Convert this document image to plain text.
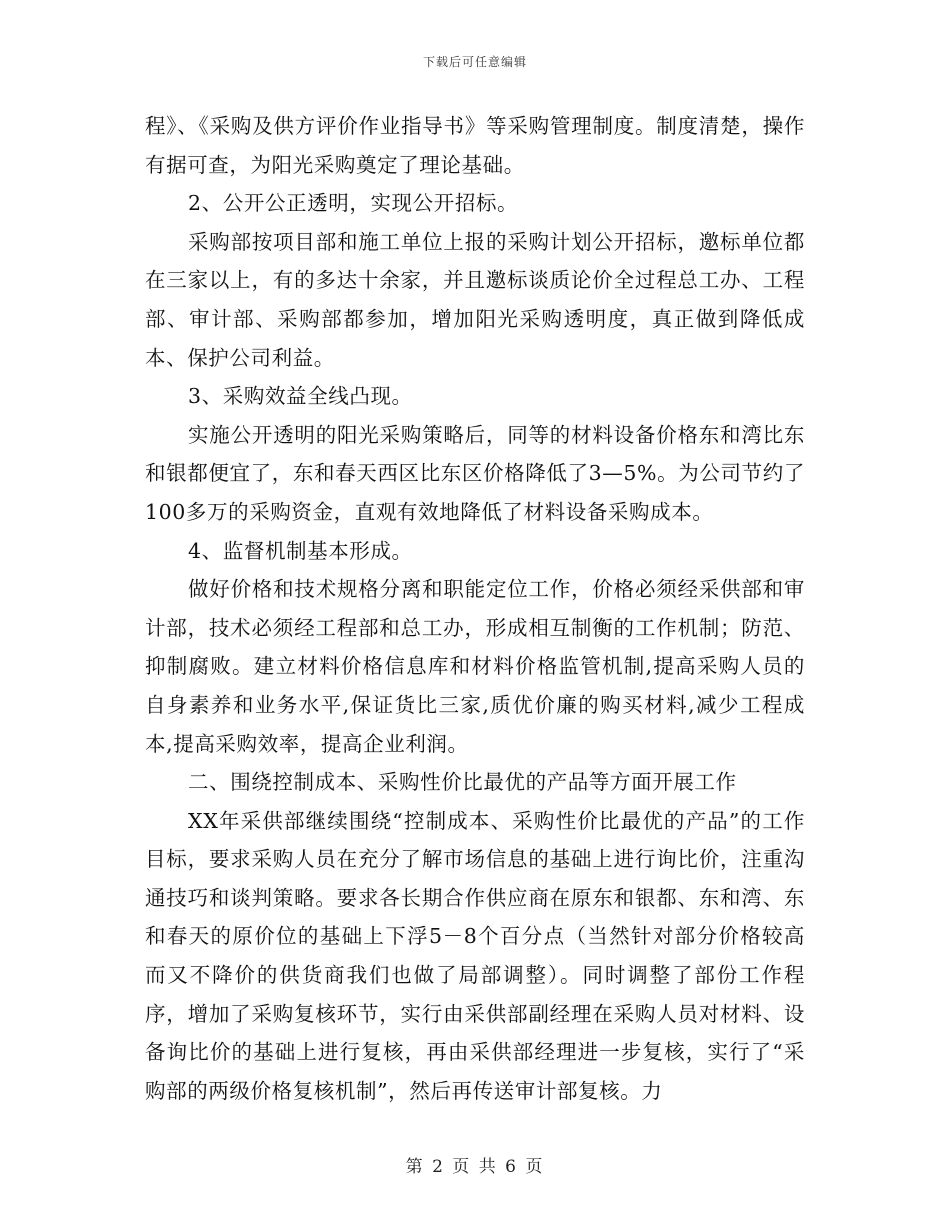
下载后可任意编辑

程》、《采购及供方评价作业指导书》等采购管理制度。制度清楚，操作有据可查，为阳光采购奠定了理论基础。

2、公开公正透明，实现公开招标。

采购部按项目部和施工单位上报的采购计划公开招标，邀标单位都在三家以上，有的多达十余家，并且邀标谈质论价全过程总工办、工程部、审计部、采购部都参加，增加阳光采购透明度，真正做到降低成本、保护公司利益。

3、采购效益全线凸现。

实施公开透明的阳光采购策略后，同等的材料设备价格东和湾比东和银都便宜了，东和春天西区比东区价格降低了3—5%。为公司节约了100多万的采购资金，直观有效地降低了材料设备采购成本。

4、监督机制基本形成。

做好价格和技术规格分离和职能定位工作，价格必须经采供部和审计部，技术必须经工程部和总工办，形成相互制衡的工作机制；防范、抑制腐败。建立材料价格信息库和材料价格监管机制,提高采购人员的自身素养和业务水平,保证货比三家,质优价廉的购买材料,减少工程成本,提高采购效率，提高企业利润。

二、围绕控制成本、采购性价比最优的产品等方面开展工作

XX年采供部继续围绕“控制成本、采购性价比最优的产品”的工作目标，要求采购人员在充分了解市场信息的基础上进行询比价，注重沟通技巧和谈判策略。要求各长期合作供应商在原东和银都、东和湾、东和春天的原价位的基础上下浮5－8个百分点（当然针对部分价格较高而又不降价的供货商我们也做了局部调整）。同时调整了部份工作程序，增加了采购复核环节，实行由采供部副经理在采购人员对材料、设备询比价的基础上进行复核，再由采供部经理进一步复核，实行了“采购部的两级价格复核机制”，然后再传送审计部复核。力

第 2 页 共 6 页
